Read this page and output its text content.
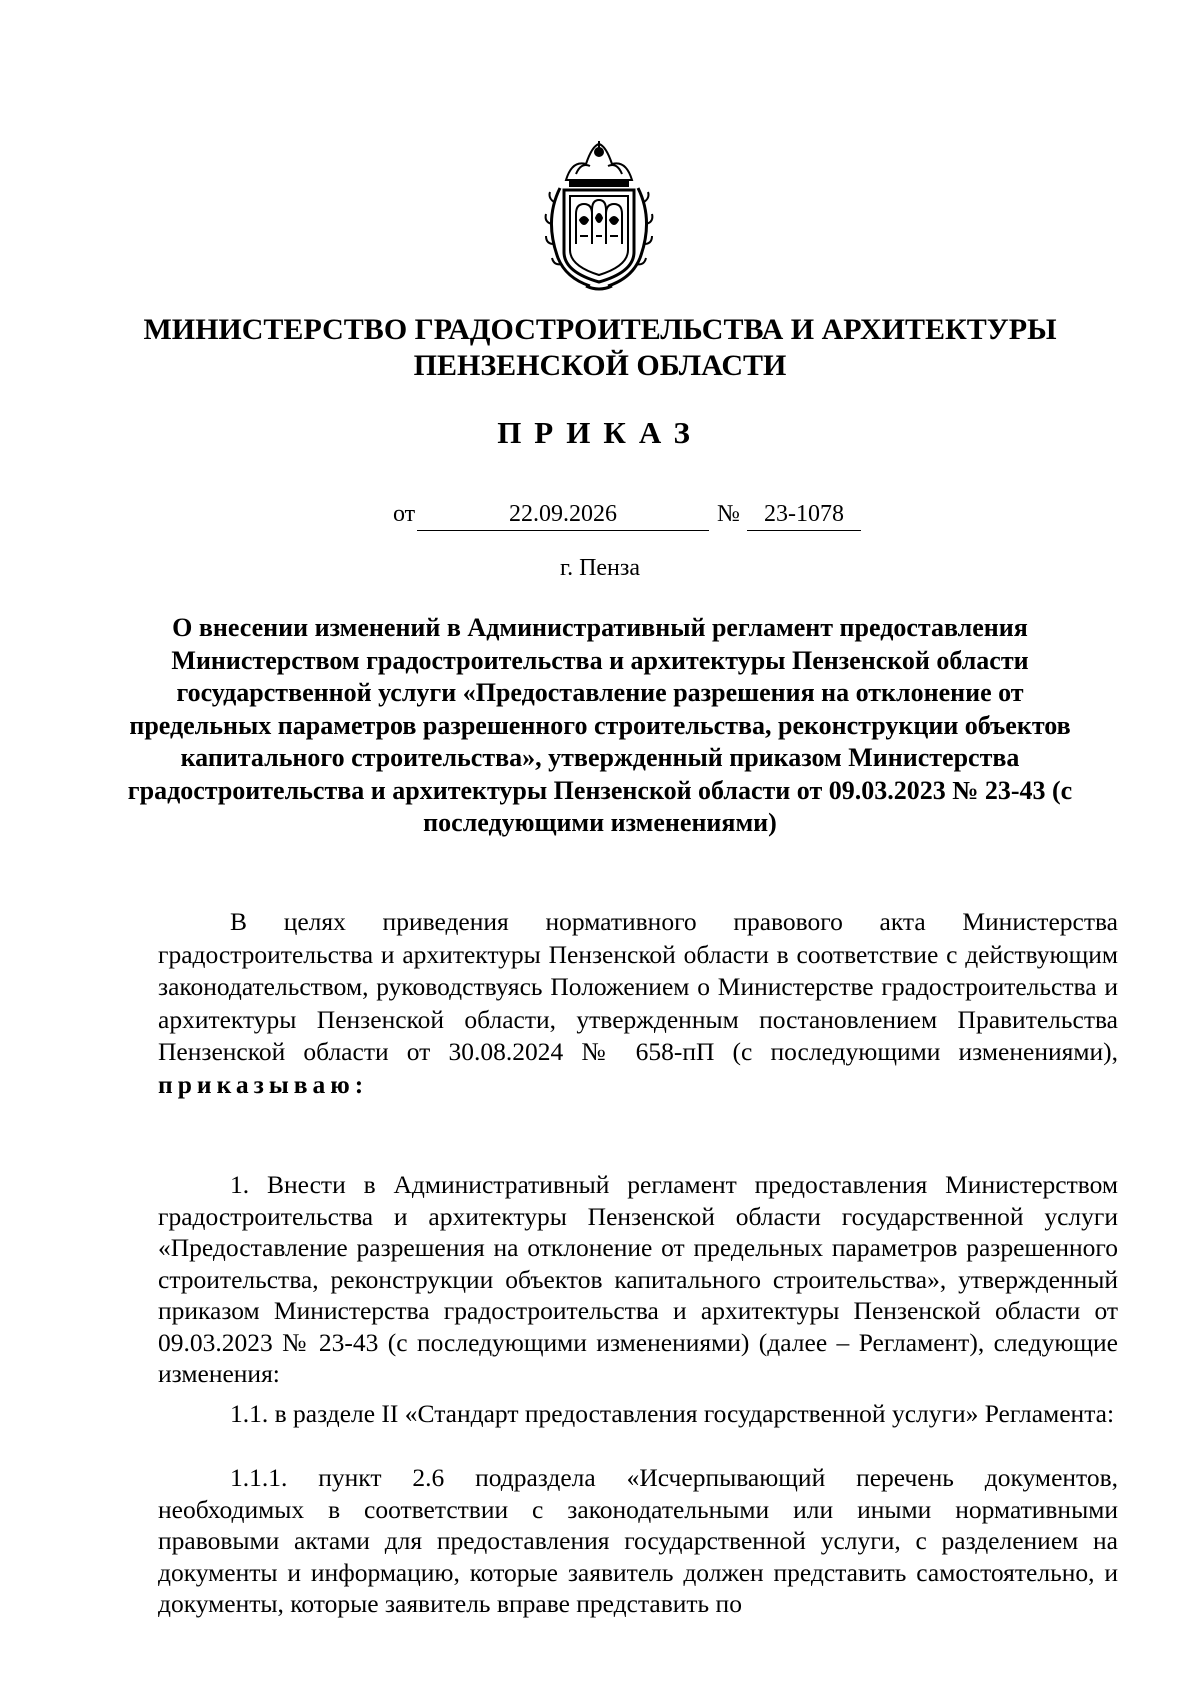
МИНИСТЕРСТВО ГРАДОСТРОИТЕЛЬСТВА И АРХИТЕКТУРЫ
ПЕНЗЕНСКОЙ ОБЛАСТИ
ПРИКАЗ
от	22.09.2026	№	23-1078
г. Пенза
О внесении изменений в Административный регламент предоставления Министерством градостроительства и архитектуры Пензенской области государственной услуги «Предоставление разрешения на отклонение от предельных параметров разрешенного строительства, реконструкции объектов капитального строительства», утвержденный приказом Министерства градостроительства и архитектуры Пензенской области от 09.03.2023 № 23-43 (с последующими изменениями)
В целях приведения нормативного правового акта Министерства градостроительства и архитектуры Пензенской области в соответствие с действующим законодательством, руководствуясь Положением о Министерстве градостроительства и архитектуры Пензенской области, утвержденным постановлением Правительства Пензенской области от 30.08.2024 № 658-пП (с последующими изменениями), приказываю:
1. Внести в Административный регламент предоставления Министерством градостроительства и архитектуры Пензенской области государственной услуги «Предоставление разрешения на отклонение от предельных параметров разрешенного строительства, реконструкции объектов капитального строительства», утвержденный приказом Министерства градостроительства и архитектуры Пензенской области от 09.03.2023 № 23-43 (с последующими изменениями) (далее – Регламент), следующие изменения:
1.1. в разделе II «Стандарт предоставления государственной услуги» Регламента:
1.1.1. пункт 2.6 подраздела «Исчерпывающий перечень документов, необходимых в соответствии с законодательными или иными нормативными правовыми актами для предоставления государственной услуги, с разделением на документы и информацию, которые заявитель должен представить самостоятельно, и документы, которые заявитель вправе представить по
